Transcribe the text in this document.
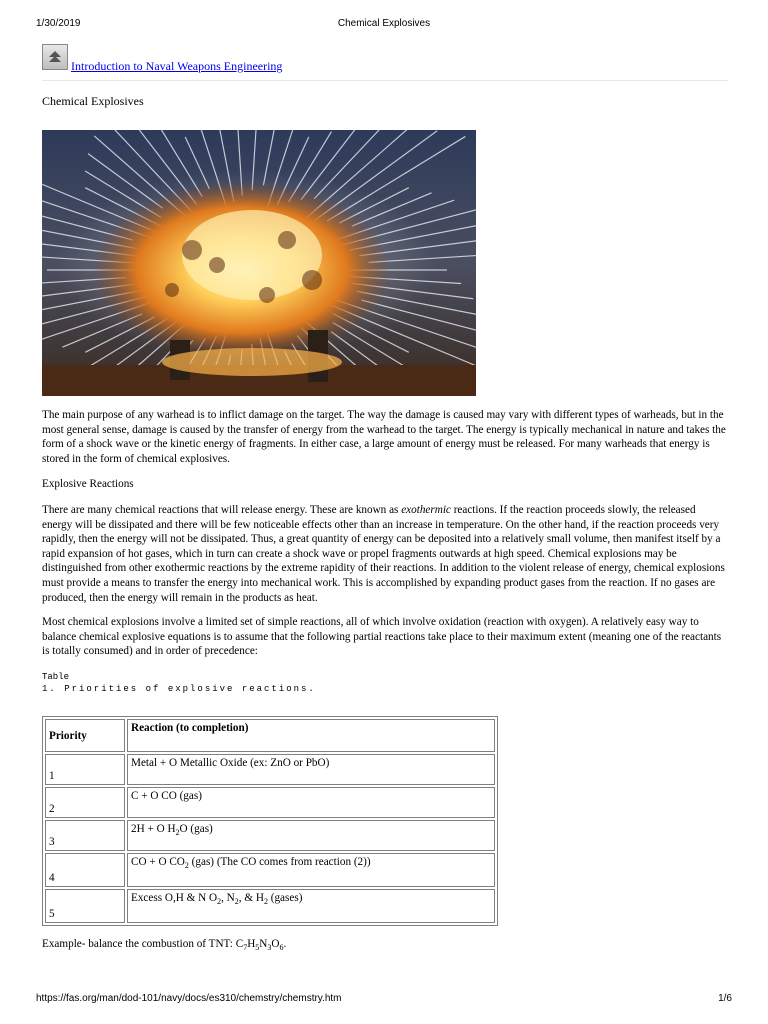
1/30/2019	Chemical Explosives
Introduction to Naval Weapons Engineering
Chemical Explosives

The main purpose of any warhead is to inflict damage on the target. The way the damage is caused may vary with different types of warheads, but in the most general sense, damage is caused by the transfer of energy from the warhead to the target. The energy is typically mechanical in nature and takes the form of a shock wave or the kinetic energy of fragments. In either case, a large amount of energy must be released. For many warheads that energy is stored in the form of chemical explosives.

Explosive Reactions

There are many chemical reactions that will release energy. These are known as exothermic reactions. If the reaction proceeds slowly, the released energy will be dissipated and there will be few noticeable effects other than an increase in temperature. On the other hand, if the reaction proceeds very rapidly, then the energy will not be dissipated. Thus, a great quantity of energy can be deposited into a relatively small volume, then manifest itself by a rapid expansion of hot gases, which in turn can create a shock wave or propel fragments outwards at high speed. Chemical explosions may be distinguished from other exothermic reactions by the extreme rapidity of their reactions. In addition to the violent release of energy, chemical explosions must provide a means to transfer the energy into mechanical work. This is accomplished by expanding product gases from the reaction. If no gases are produced, then the energy will remain in the products as heat.

Most chemical explosions involve a limited set of simple reactions, all of which involve oxidation (reaction with oxygen). A relatively easy way to balance chemical explosive equations is to assume that the following partial reactions take place to their maximum extent (meaning one of the reactants is totally consumed) and in order of precedence:

Table
1. Priorities of explosive reactions.
Priority	Reaction (to completion)
1	Metal + O Metallic Oxide (ex: ZnO or PbO)
2	C + O CO (gas)
3	2H + O $H_2O$ (gas)
4	CO + O $CO_2$ (gas) (The CO comes from reaction (2))
5	Excess O,H & N $O_2$, $N_2$, & $H_2$ (gases)
Example- balance the combustion of TNT: $C_7H_5N_3O_6$.
https://fas.org/man/dod-101/navy/docs/es310/chemstry/chemstry.htm	1/6
